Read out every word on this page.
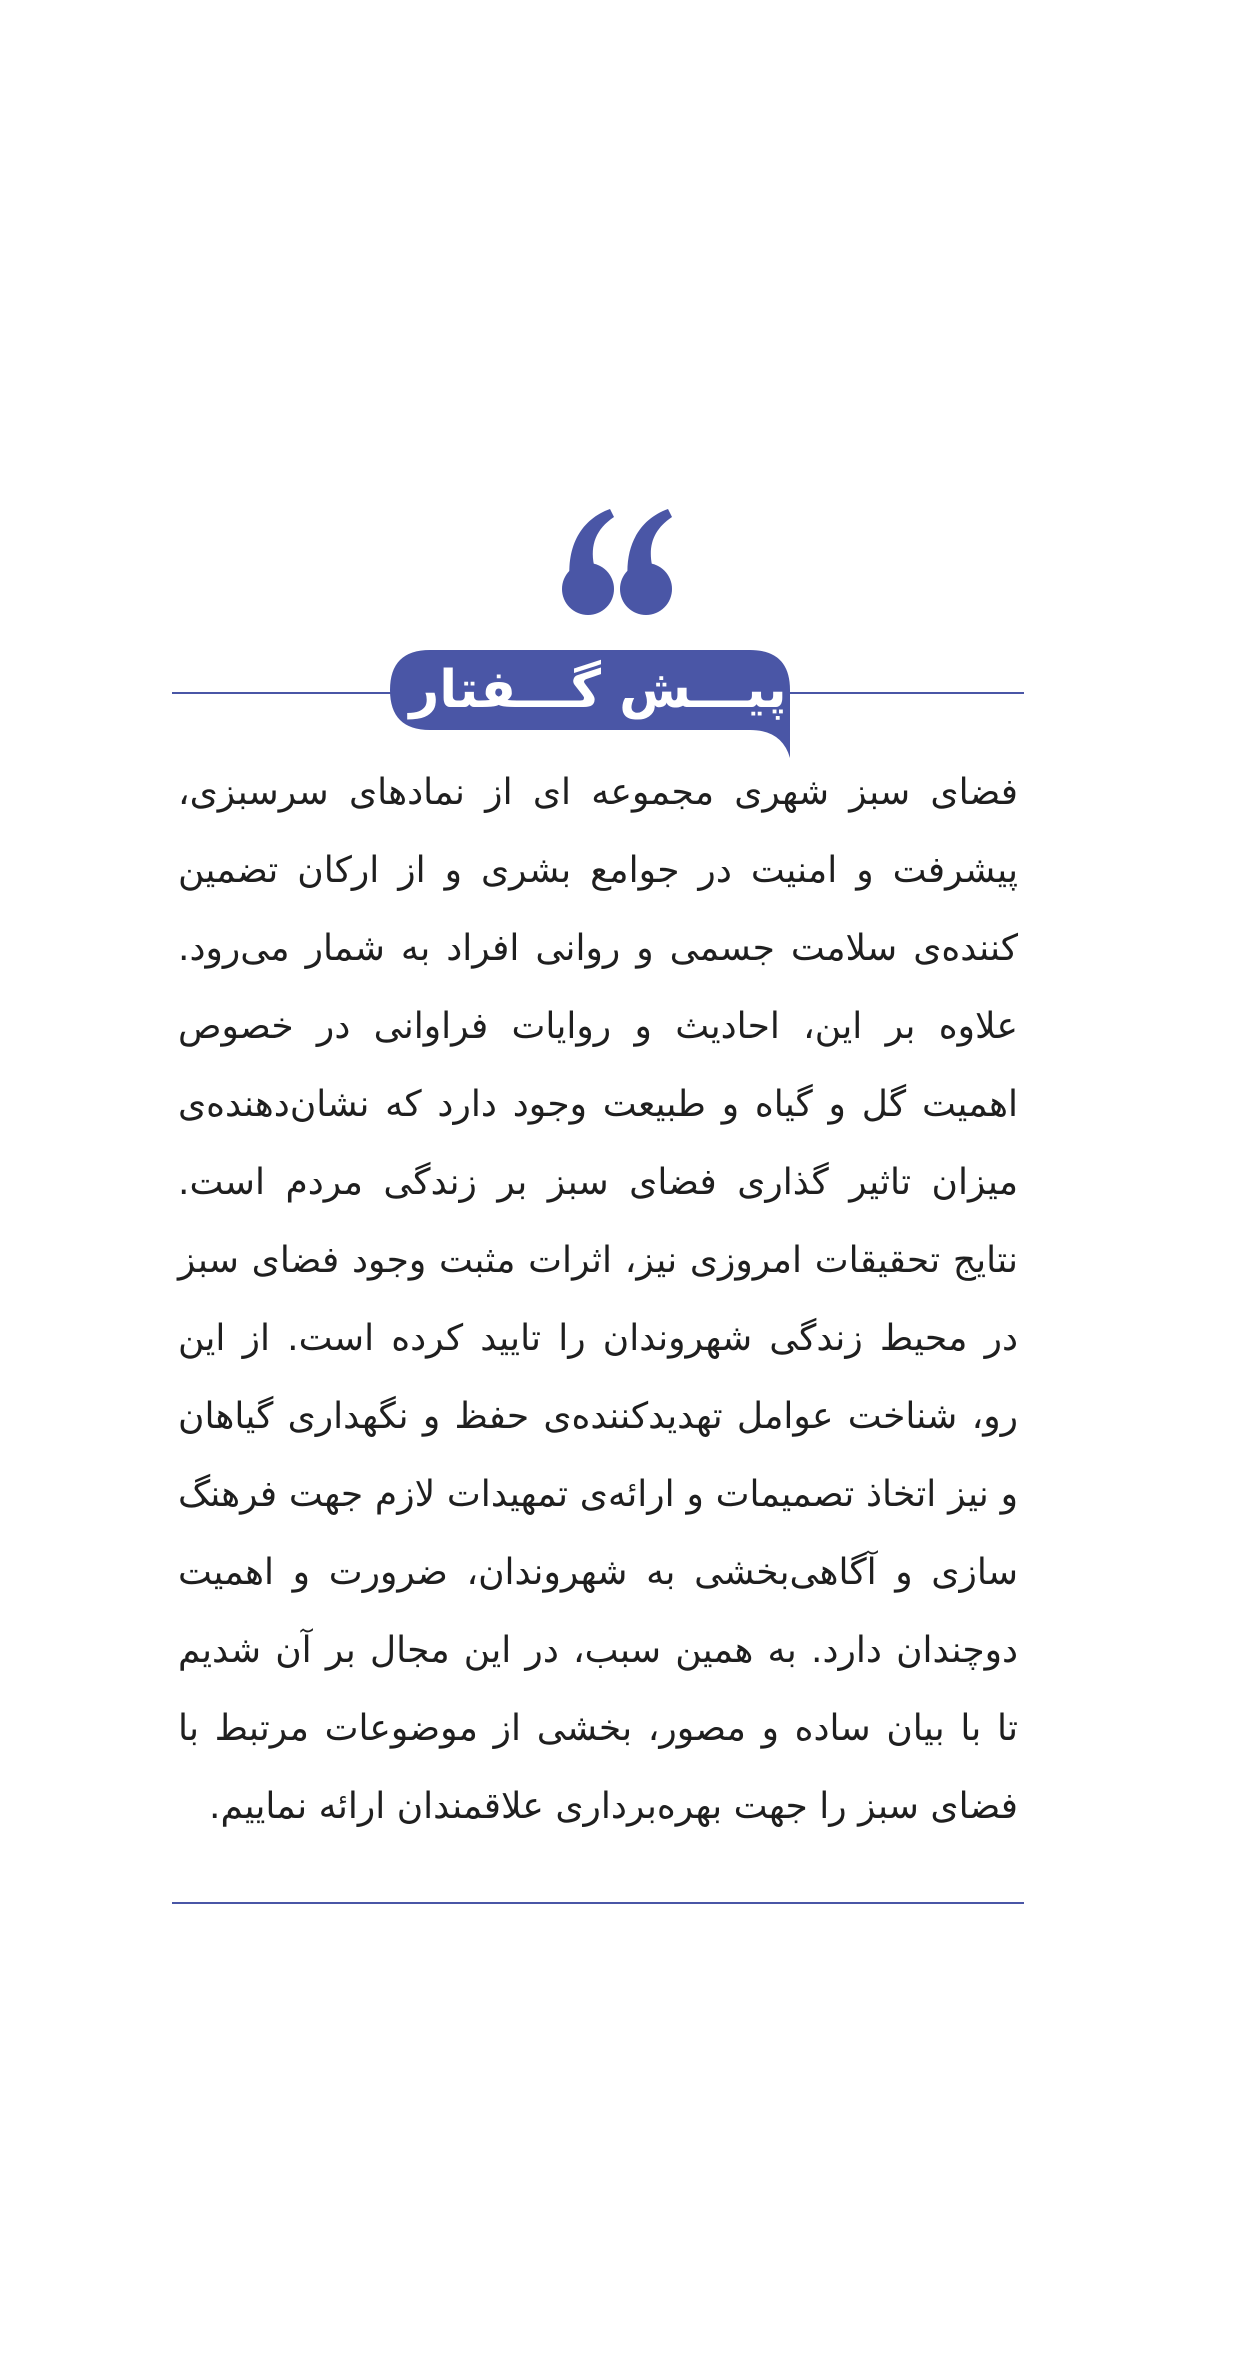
پیـــش گـــفتار

فضای سبز شهری مجموعه ای از نمادهای سرسبزی، پیشرفت و امنیت در جوامع بشری و از ارکان تضمین کننده‌ی سلامت جسمی و روانی افراد به شمار می‌رود. علاوه بر این، احادیث و روایات فراوانی در خصوص اهمیت گل و گیاه و طبیعت وجود دارد که نشان‌دهنده‌ی میزان تاثیر گذاری فضای سبز بر زندگی مردم است. نتایج تحقیقات امروزی نیز، اثرات مثبت وجود فضای سبز در محیط زندگی شهروندان را تایید کرده است. از این رو، شناخت عوامل تهدیدکننده‌ی حفظ و نگهداری گیاهان و نیز اتخاذ تصمیمات و ارائه‌ی تمهیدات لازم جهت فرهنگ سازی و آگاهی‌بخشی به شهروندان، ضرورت و اهمیت دوچندان دارد. به همین سبب، در این مجال بر آن شدیم تا با بیان ساده و مصور، بخشی از موضوعات مرتبط با فضای سبز را جهت بهره‌برداری علاقمندان ارائه نماییم.
